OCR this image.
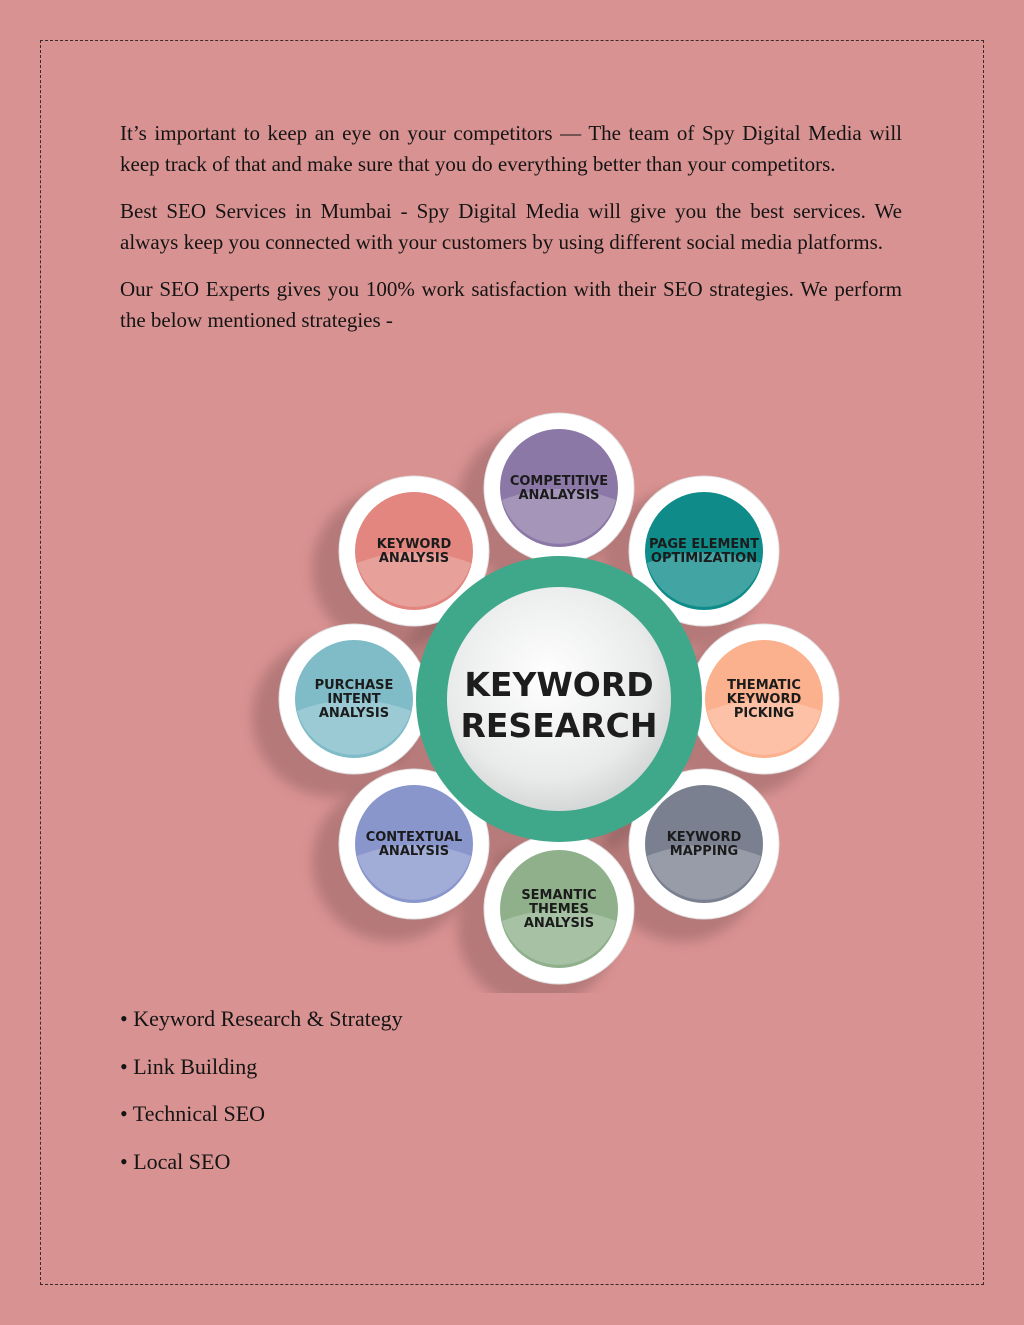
It’s important to keep an eye on your competitors — The team of Spy Digital Media will keep track of that and make sure that you do everything better than your competitors.

Best SEO Services in Mumbai - Spy Digital Media will give you the best services. We always keep you connected with your customers by using different social media platforms.

Our SEO Experts gives you 100% work satisfaction with their SEO strategies. We perform the below mentioned strategies -

COMPETITIVE
ANALAYSIS
PAGE ELEMENT
OPTIMIZATION
THEMATIC
KEYWORD
PICKING
KEYWORD
MAPPING
SEMANTIC
THEMES
ANALYSIS
CONTEXTUAL
ANALYSIS
PURCHASE
INTENT
ANALYSIS
KEYWORD
ANALYSIS
KEYWORD
RESEARCH
• Keyword Research & Strategy
• Link Building
• Technical SEO
• Local SEO
